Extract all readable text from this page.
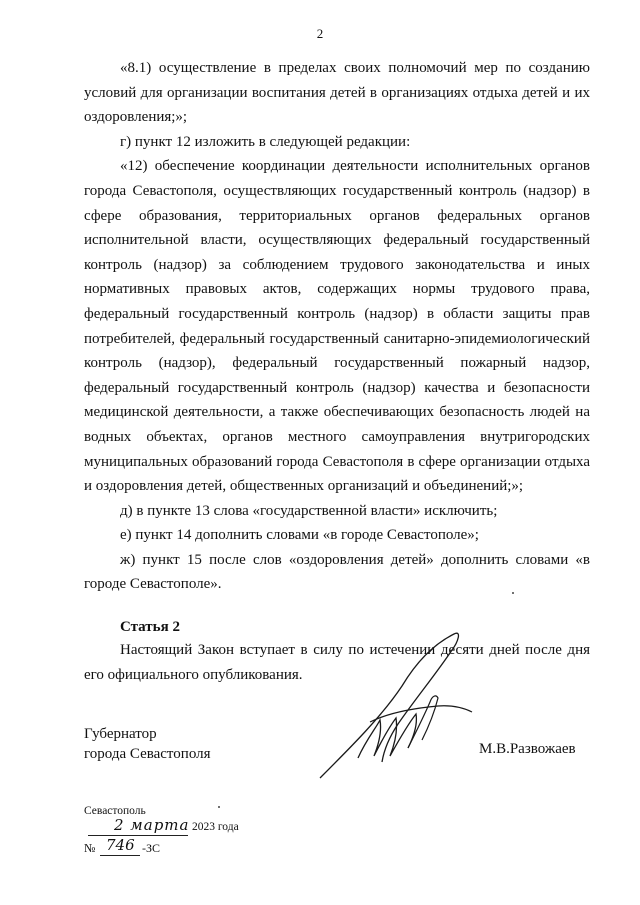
2

«8.1) осуществление в пределах своих полномочий мер по созданию условий для организации воспитания детей в организациях отдыха детей и их оздоровления;»;

г) пункт 12 изложить в следующей редакции:

«12) обеспечение координации деятельности исполнительных органов города Севастополя, осуществляющих государственный контроль (надзор) в сфере образования, территориальных органов федеральных органов исполнительной власти, осуществляющих федеральный государственный контроль (надзор) за соблюдением трудового законодательства и иных нормативных правовых актов, содержащих нормы трудового права, федеральный государственный контроль (надзор) в области защиты прав потребителей, федеральный государственный санитарно-эпидемиологический контроль (надзор), федеральный государственный пожарный надзор, федеральный государственный контроль (надзор) качества и безопасности медицинской деятельности, а также обеспечивающих безопасность людей на водных объектах, органов местного самоуправления внутригородских муниципальных образований города Севастополя в сфере организации отдыха и оздоровления детей, общественных организаций и объединений;»;

д) в пункте 13 слова «государственной власти» исключить;

е) пункт 14 дополнить словами «в городе Севастополе»;

ж) пункт 15 после слов «оздоровления детей» дополнить словами «в городе Севастополе».

Статья 2

Настоящий Закон вступает в силу по истечении десяти дней после дня его официального опубликования.

Губернатор
города Севастополя	М.В.Развожаев
Севастополь
2 марта 2023 года
№ 746 -ЗС
